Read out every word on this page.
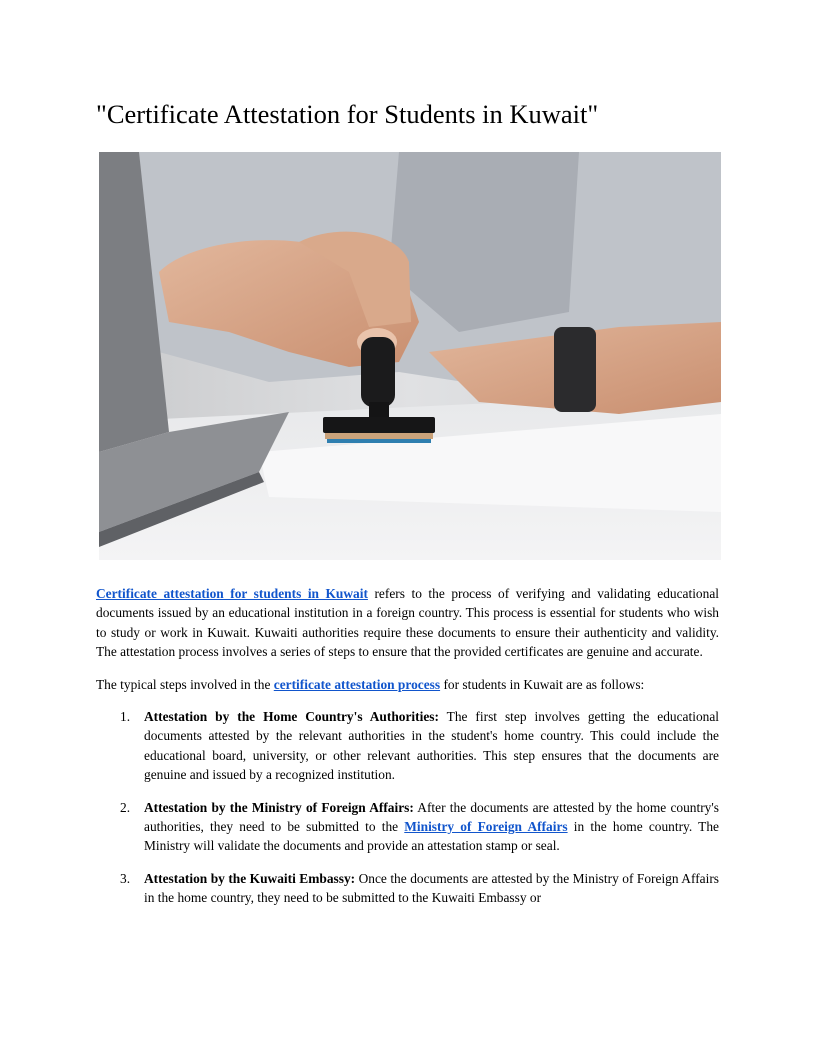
"Certificate Attestation for Students in Kuwait"

Certificate attestation for students in Kuwait refers to the process of verifying and validating educational documents issued by an educational institution in a foreign country. This process is essential for students who wish to study or work in Kuwait. Kuwaiti authorities require these documents to ensure their authenticity and validity. The attestation process involves a series of steps to ensure that the provided certificates are genuine and accurate.

The typical steps involved in the certificate attestation process for students in Kuwait are as follows:

1. Attestation by the Home Country's Authorities: The first step involves getting the educational documents attested by the relevant authorities in the student's home country. This could include the educational board, university, or other relevant authorities. This step ensures that the documents are genuine and issued by a recognized institution.
2. Attestation by the Ministry of Foreign Affairs: After the documents are attested by the home country's authorities, they need to be submitted to the Ministry of Foreign Affairs in the home country. The Ministry will validate the documents and provide an attestation stamp or seal.
3. Attestation by the Kuwaiti Embassy: Once the documents are attested by the Ministry of Foreign Affairs in the home country, they need to be submitted to the Kuwaiti Embassy or
